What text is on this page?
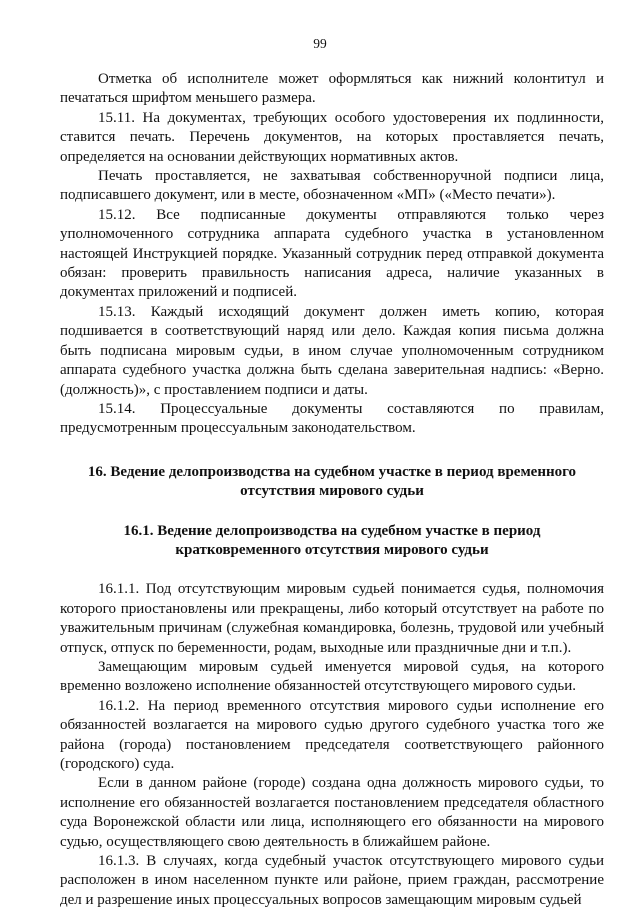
99

Отметка об исполнителе может оформляться как нижний колонтитул и печататься шрифтом меньшего размера.

15.11. На документах, требующих особого удостоверения их подлинности, ставится печать. Перечень документов, на которых проставляется печать, определяется на основании действующих нормативных актов.

Печать проставляется, не захватывая собственноручной подписи лица, подписавшего документ, или в месте, обозначенном «МП» («Место печати»).

15.12. Все подписанные документы отправляются только через уполномоченного сотрудника аппарата судебного участка в установленном настоящей Инструкцией порядке. Указанный сотрудник перед отправкой документа обязан: проверить правильность написания адреса, наличие указанных в документах приложений и подписей.

15.13. Каждый исходящий документ должен иметь копию, которая подшивается в соответствующий наряд или дело. Каждая копия письма должна быть подписана мировым судьи, в ином случае уполномоченным сотрудником аппарата судебного участка должна быть сделана заверительная надпись: «Верно. (должность)», с проставлением подписи и даты.

15.14. Процессуальные документы составляются по правилам, предусмотренным процессуальным законодательством.

16. Ведение делопроизводства на судебном участке в период временного отсутствия мирового судьи
16.1. Ведение делопроизводства на судебном участке в период кратковременного отсутствия мирового судьи

16.1.1. Под отсутствующим мировым судьей понимается судья, полномочия которого приостановлены или прекращены, либо который отсутствует на работе по уважительным причинам (служебная командировка, болезнь, трудовой или учебный отпуск, отпуск по беременности, родам, выходные или праздничные дни и т.п.).

Замещающим мировым судьей именуется мировой судья, на которого временно возложено исполнение обязанностей отсутствующего мирового судьи.

16.1.2. На период временного отсутствия мирового судьи исполнение его обязанностей возлагается на мирового судью другого судебного участка того же района (города) постановлением председателя соответствующего районного (городского) суда.

Если в данном районе (городе) создана одна должность мирового судьи, то исполнение его обязанностей возлагается постановлением председателя областного суда Воронежской области или лица, исполняющего его обязанности на мирового судью, осуществляющего свою деятельность в ближайшем районе.

16.1.3. В случаях, когда судебный участок отсутствующего мирового судьи расположен в ином населенном пункте или районе, прием граждан, рассмотрение дел и разрешение иных процессуальных вопросов замещающим мировым судьей
